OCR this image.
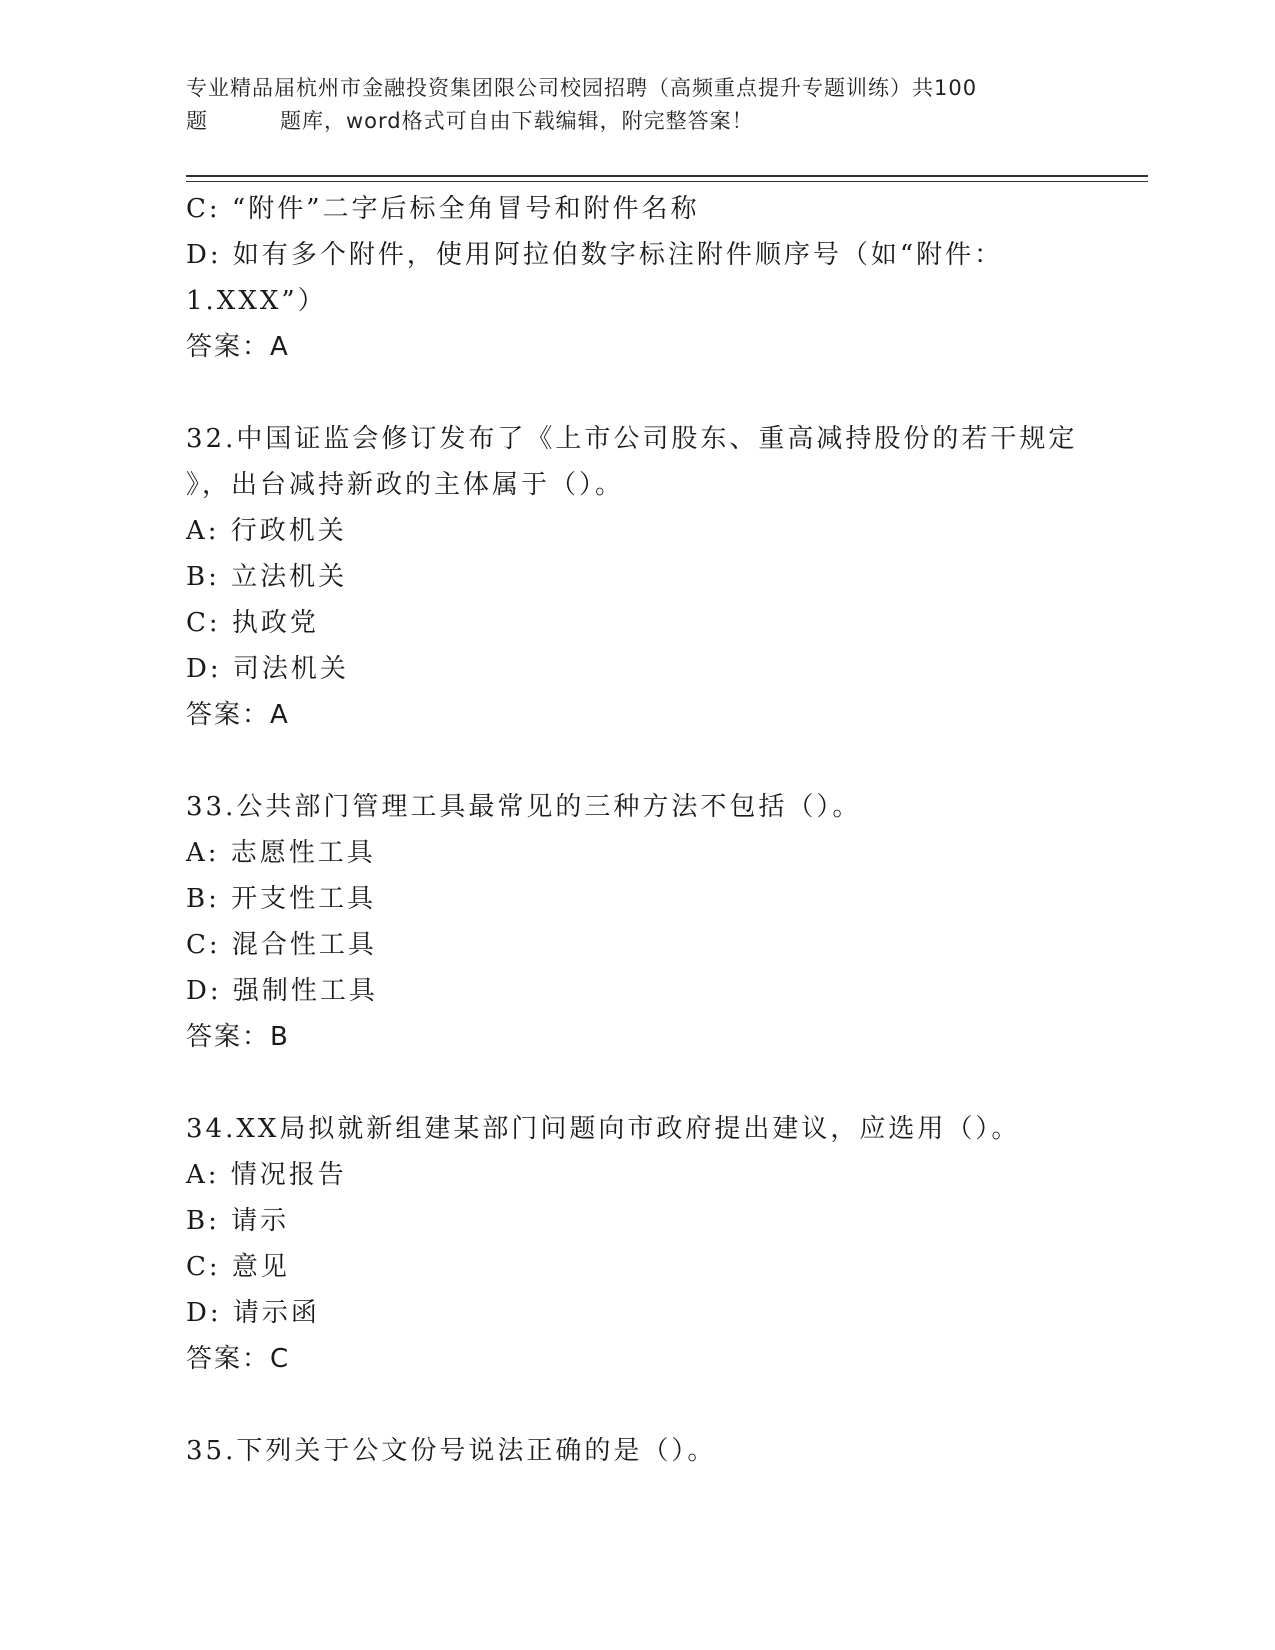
专业精品届杭州市金融投资集团限公司校园招聘（高频重点提升专题训练）共100
题	题库，word格式可自由下载编辑，附完整答案！
C: “附件”二字后标全角冒号和附件名称
D: 如有多个附件，使用阿拉伯数字标注附件顺序号（如“附件：
1.XXX”）
答案：A
32.中国证监会修订发布了《上市公司股东、重高减持股份的若干规定
》，出台减持新政的主体属于（）。
A: 行政机关
B: 立法机关
C: 执政党
D: 司法机关
答案：A
33.公共部门管理工具最常见的三种方法不包括（）。
A: 志愿性工具
B: 开支性工具
C: 混合性工具
D: 强制性工具
答案：B
34.XX局拟就新组建某部门问题向市政府提出建议，应选用（）。
A: 情况报告
B: 请示
C: 意见
D: 请示函
答案：C
35.下列关于公文份号说法正确的是（）。
